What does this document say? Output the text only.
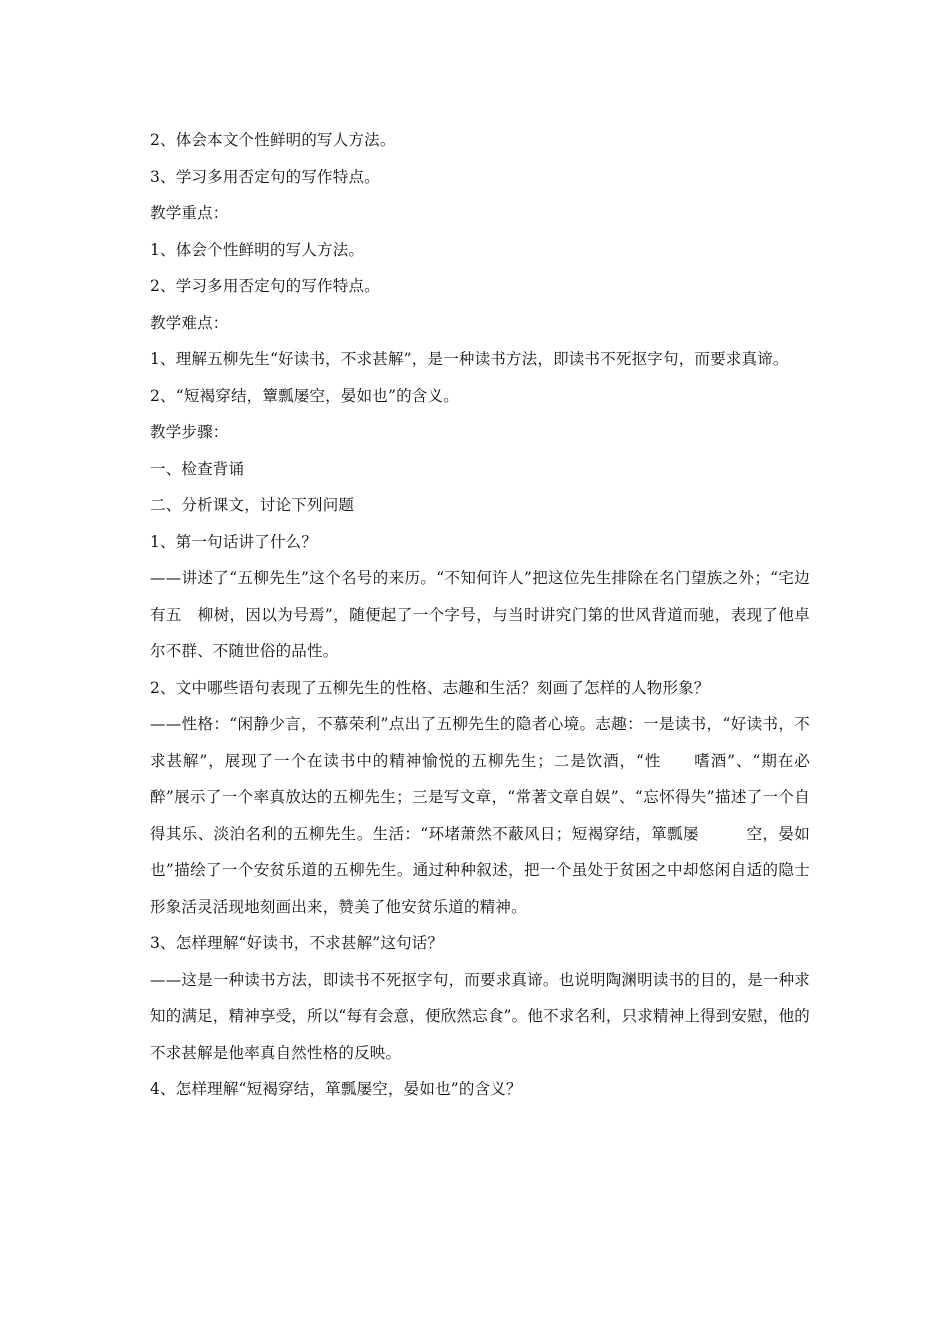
2、体会本文个性鲜明的写人方法。

3、学习多用否定句的写作特点。

教学重点：

1、体会个性鲜明的写人方法。

2、学习多用否定句的写作特点。

教学难点：

1、理解五柳先生“好读书，不求甚解”，是一种读书方法，即读书不死抠字句，而要求真谛。

2、“短褐穿结，簟瓢屡空，晏如也”的含义。

教学步骤：

一、检查背诵

二、分析课文，讨论下列问题

1、第一句话讲了什么？

——讲述了“五柳先生”这个名号的来历。“不知何许人”把这位先生排除在名门望族之外；“宅边有五　柳树，因以为号焉”，随便起了一个字号，与当时讲究门第的世风背道而驰，表现了他卓尔不群、不随世俗的品性。

2、文中哪些语句表现了五柳先生的性格、志趣和生活？刻画了怎样的人物形象？

——性格：“闲静少言，不慕荣利”点出了五柳先生的隐者心境。志趣：一是读书，“好读书，不求甚解”，展现了一个在读书中的精神愉悦的五柳先生；二是饮酒，“性　　嗜酒”、“期在必醉”展示了一个率真放达的五柳先生；三是写文章，“常著文章自娱”、“忘怀得失”描述了一个自得其乐、淡泊名利的五柳先生。生活：“环堵萧然不蔽风日；短褐穿结，箪瓢屡　　　空，晏如也”描绘了一个安贫乐道的五柳先生。通过种种叙述，把一个虽处于贫困之中却悠闲自适的隐士形象活灵活现地刻画出来，赞美了他安贫乐道的精神。

3、怎样理解“好读书，不求甚解”这句话？

——这是一种读书方法，即读书不死抠字句，而要求真谛。也说明陶渊明读书的目的，是一种求知的满足，精神享受，所以“每有会意，便欣然忘食”。他不求名利，只求精神上得到安慰，他的不求甚解是他率真自然性格的反映。

4、怎样理解“短褐穿结，箪瓢屡空，晏如也”的含义？
